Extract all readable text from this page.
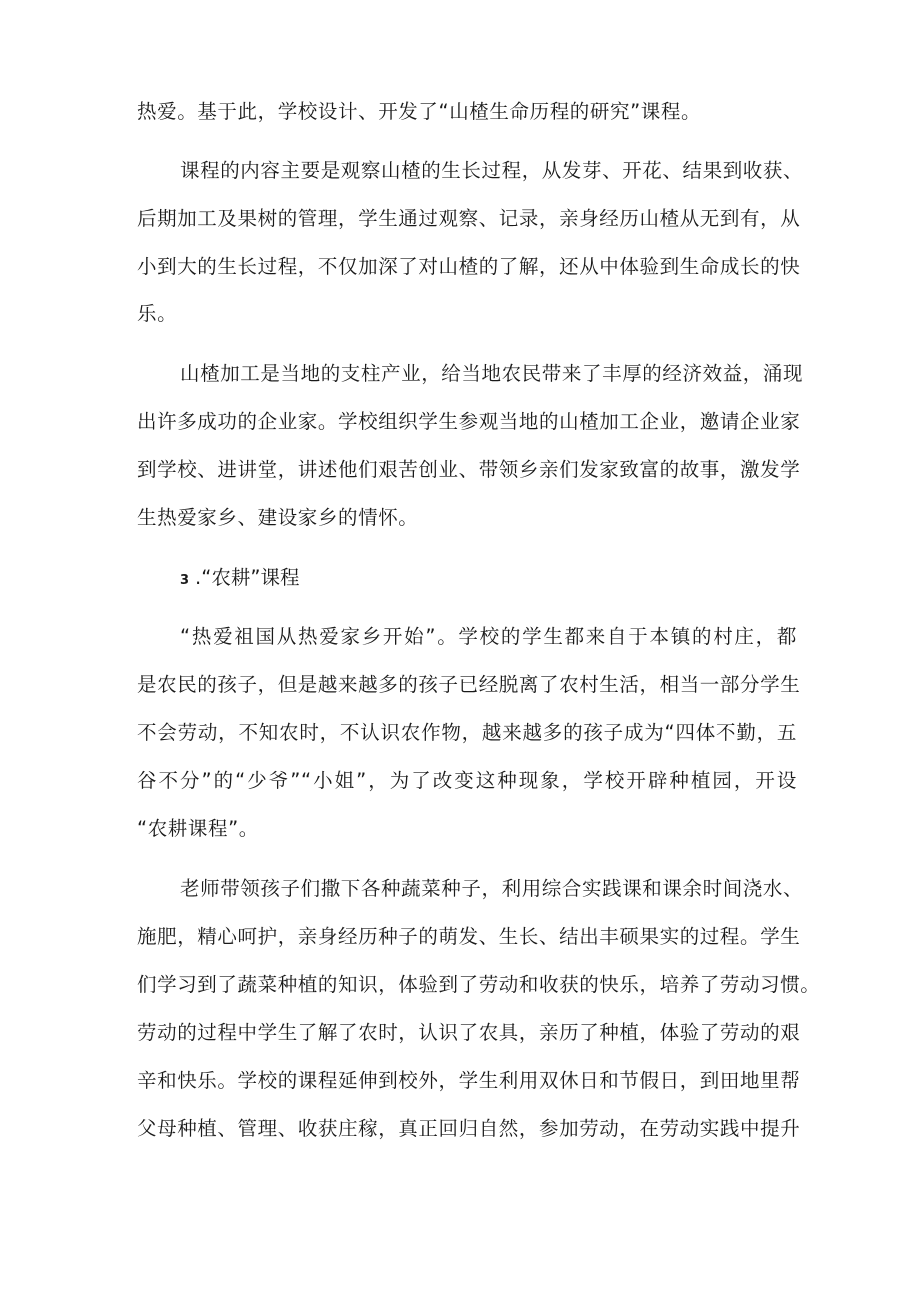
热爱。基于此，学校设计、开发了“山楂生命历程的研究”课程。
课程的内容主要是观察山楂的生长过程，从发芽、开花、结果到收获、
后期加工及果树的管理，学生通过观察、记录，亲身经历山楂从无到有，从
小到大的生长过程，不仅加深了对山楂的了解，还从中体验到生命成长的快
乐。
山楂加工是当地的支柱产业，给当地农民带来了丰厚的经济效益，涌现
出许多成功的企业家。学校组织学生参观当地的山楂加工企业，邀请企业家
到学校、进讲堂，讲述他们艰苦创业、带领乡亲们发家致富的故事，激发学
生热爱家乡、建设家乡的情怀。
3 .“农耕”课程
“热爱祖国从热爱家乡开始”。学校的学生都来自于本镇的村庄，都
是农民的孩子，但是越来越多的孩子已经脱离了农村生活，相当一部分学生
不会劳动，不知农时，不认识农作物，越来越多的孩子成为“四体不勤，五
谷不分”的“少爷”“小姐”，为了改变这种现象，学校开辟种植园，开设
“农耕课程”。
老师带领孩子们撒下各种蔬菜种子，利用综合实践课和课余时间浇水、
施肥，精心呵护，亲身经历种子的萌发、生长、结出丰硕果实的过程。学生
们学习到了蔬菜种植的知识，体验到了劳动和收获的快乐，培养了劳动习惯。
劳动的过程中学生了解了农时，认识了农具，亲历了种植，体验了劳动的艰
辛和快乐。学校的课程延伸到校外，学生利用双休日和节假日，到田地里帮
父母种植、管理、收获庄稼，真正回归自然，参加劳动，在劳动实践中提升
